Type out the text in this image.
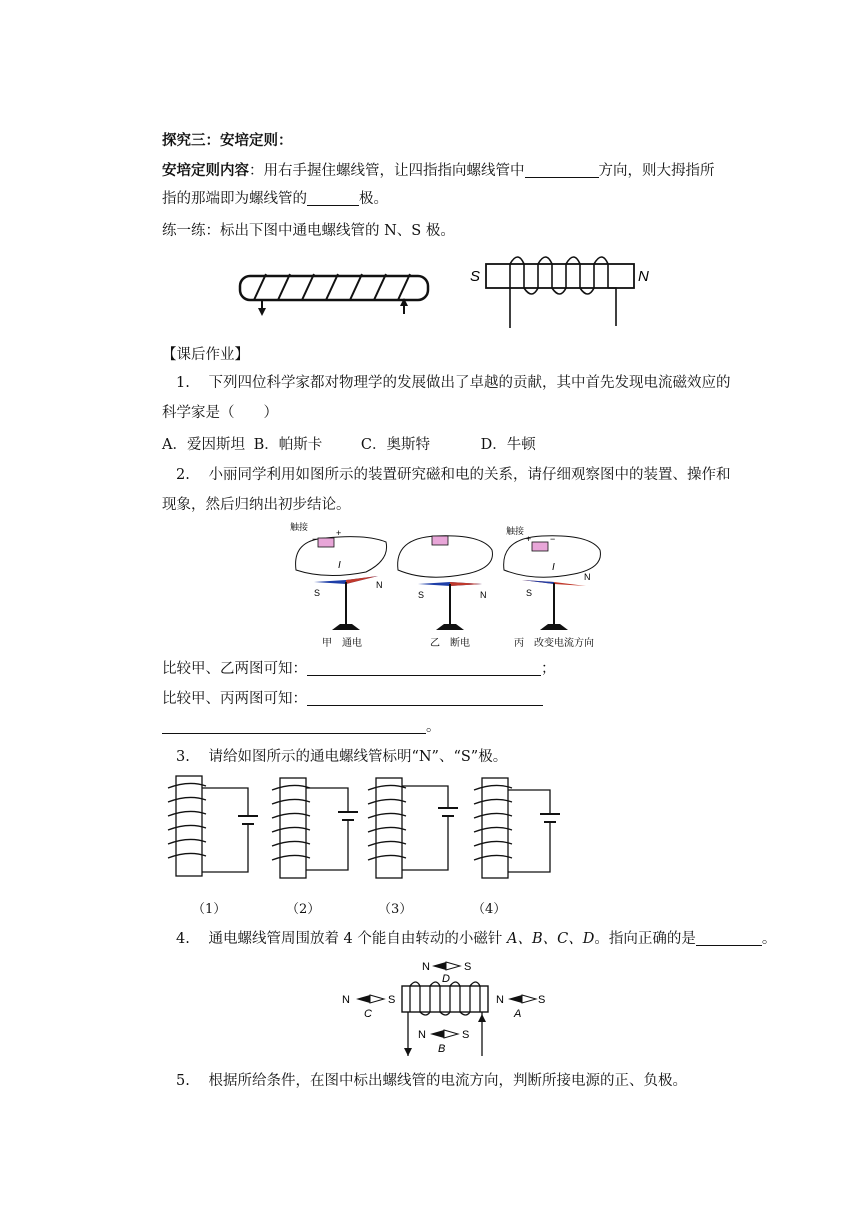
探究三：安培定则：
安培定则内容：用右手握住螺线管，让四指指向螺线管中	方向，则大拇指所
指的那端即为螺线管的	极。
练一练：标出下图中通电螺线管的 N、S 极。
S	N
【课后作业】
1. 下列四位科学家都对物理学的发展做出了卓越的贡献，其中首先发现电流磁效应的
科学家是（　　）
A．爱因斯坦 B．帕斯卡	C．奥斯特	D．牛顿
2. 小丽同学利用如图所示的装置研究磁和电的关系，请仔细观察图中的装置、操作和
现象，然后归纳出初步结论。
触接	触接
+
−	+ −
I	I
S
N
S	N	S
N
甲　通电	乙　断电	丙　改变电流方向
比较甲、乙两图可知：	；
比较甲、丙两图可知：
。
3. 请给如图所示的通电螺线管标明“N”、“S”极。
（1）	（2）	（3）	（4）
4. 通电螺线管周围放着 4 个能自由转动的小磁针 A、B、C、D。指向正确的是	。
N	S
D
N	S
C
N	S
A
N	S
B
5. 根据所给条件，在图中标出螺线管的电流方向，判断所接电源的正、负极。
